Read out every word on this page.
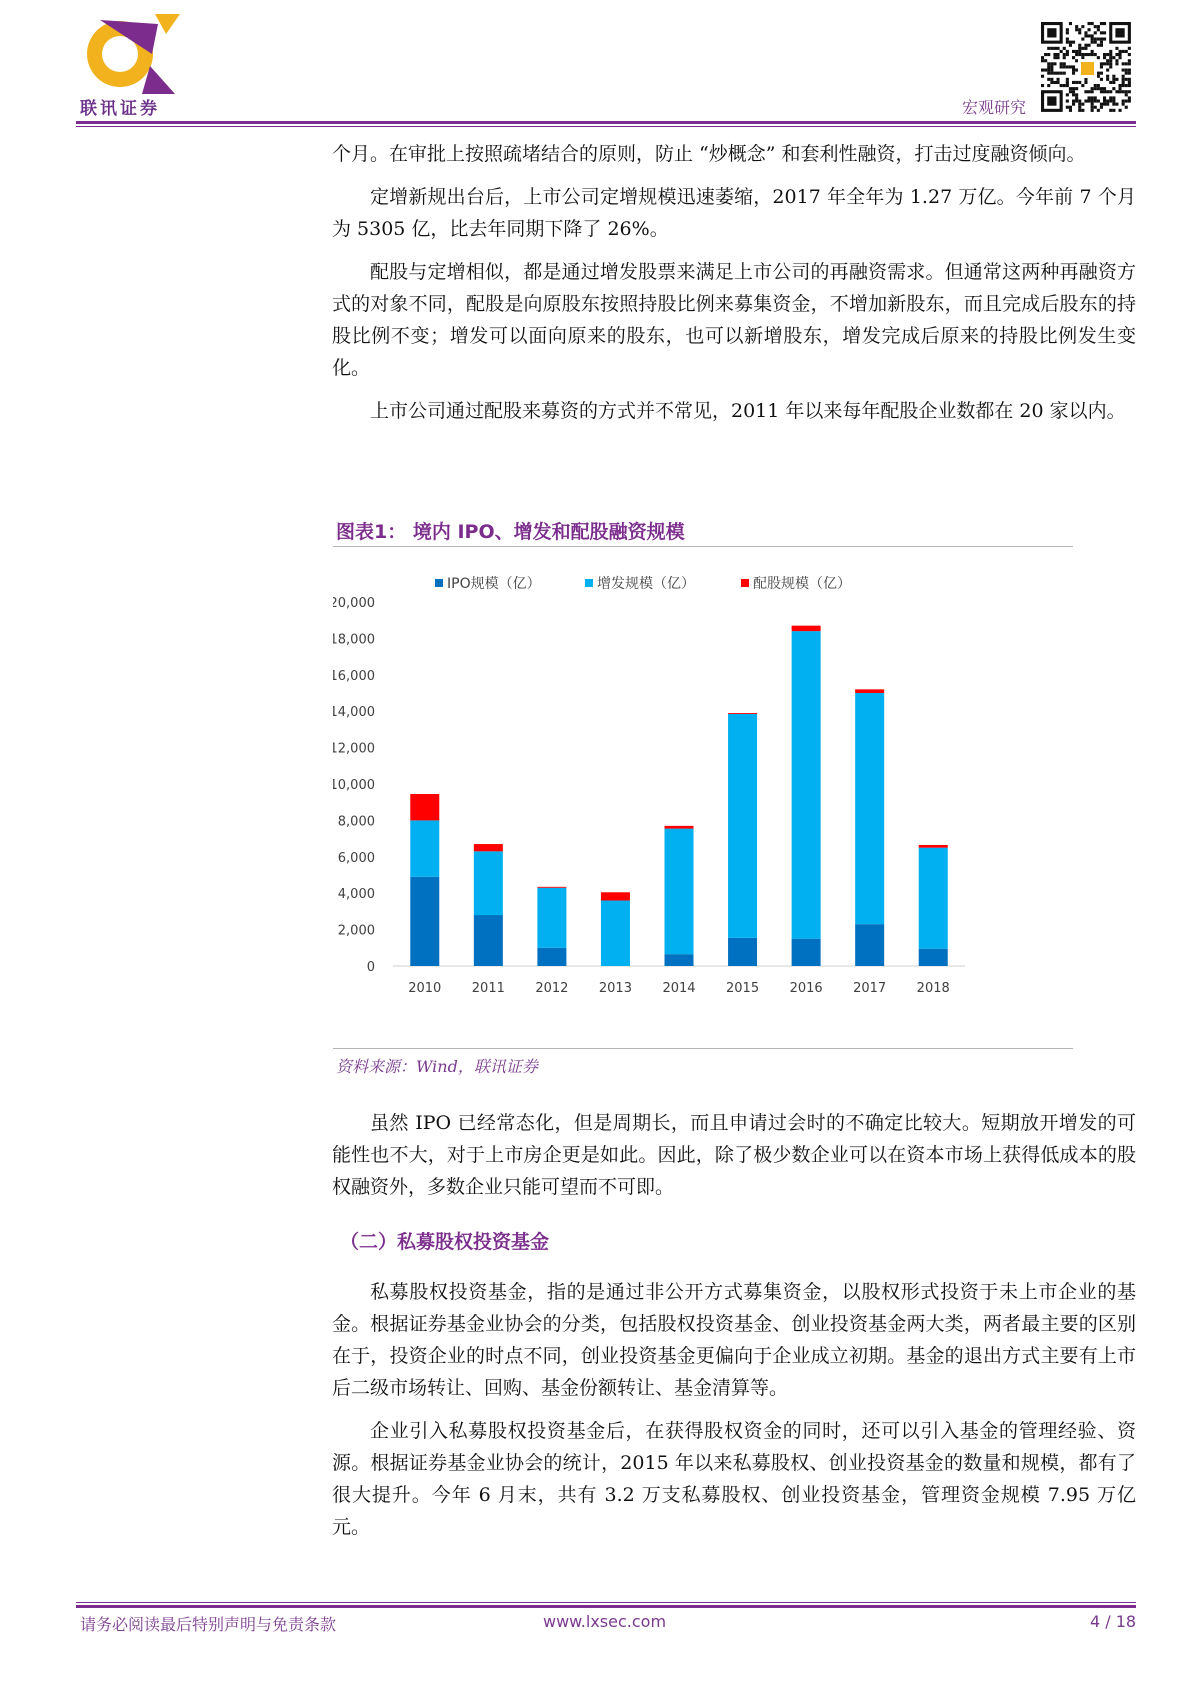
联讯证券	宏观研究

个月。在审批上按照疏堵结合的原则，防止 “炒概念” 和套利性融资，打击过度融资倾向。

定增新规出台后，上市公司定增规模迅速萎缩，2017 年全年为 1.27 万亿。今年前 7 个月为 5305 亿，比去年同期下降了 26%。

配股与定增相似，都是通过增发股票来满足上市公司的再融资需求。但通常这两种再融资方式的对象不同，配股是向原股东按照持股比例来募集资金，不增加新股东，而且完成后股东的持股比例不变；增发可以面向原来的股东，也可以新增股东，增发完成后原来的持股比例发生变化。

上市公司通过配股来募资的方式并不常见，2011 年以来每年配股企业数都在 20 家以内。

图表1： 境内 IPO、增发和配股融资规模
0
2,000
4,000
6,000
8,000
10,000
12,000
14,000
16,000
18,000
20,000
2010 2011 2012 2013 2014 2015 2016 2017 2018
IPO规模（亿）	增发规模（亿）	配股规模（亿）
资料来源：Wind，联讯证券

虽然 IPO 已经常态化，但是周期长，而且申请过会时的不确定比较大。短期放开增发的可能性也不大，对于上市房企更是如此。因此，除了极少数企业可以在资本市场上获得低成本的股权融资外，多数企业只能可望而不可即。

（二）私募股权投资基金

私募股权投资基金，指的是通过非公开方式募集资金，以股权形式投资于未上市企业的基金。根据证券基金业协会的分类，包括股权投资基金、创业投资基金两大类，两者最主要的区别在于，投资企业的时点不同，创业投资基金更偏向于企业成立初期。基金的退出方式主要有上市后二级市场转让、回购、基金份额转让、基金清算等。

企业引入私募股权投资基金后，在获得股权资金的同时，还可以引入基金的管理经验、资源。根据证券基金业协会的统计，2015 年以来私募股权、创业投资基金的数量和规模，都有了很大提升。今年 6 月末，共有 3.2 万支私募股权、创业投资基金，管理资金规模 7.95 万亿元。

请务必阅读最后特别声明与免责条款	www.lxsec.com	4 / 18
